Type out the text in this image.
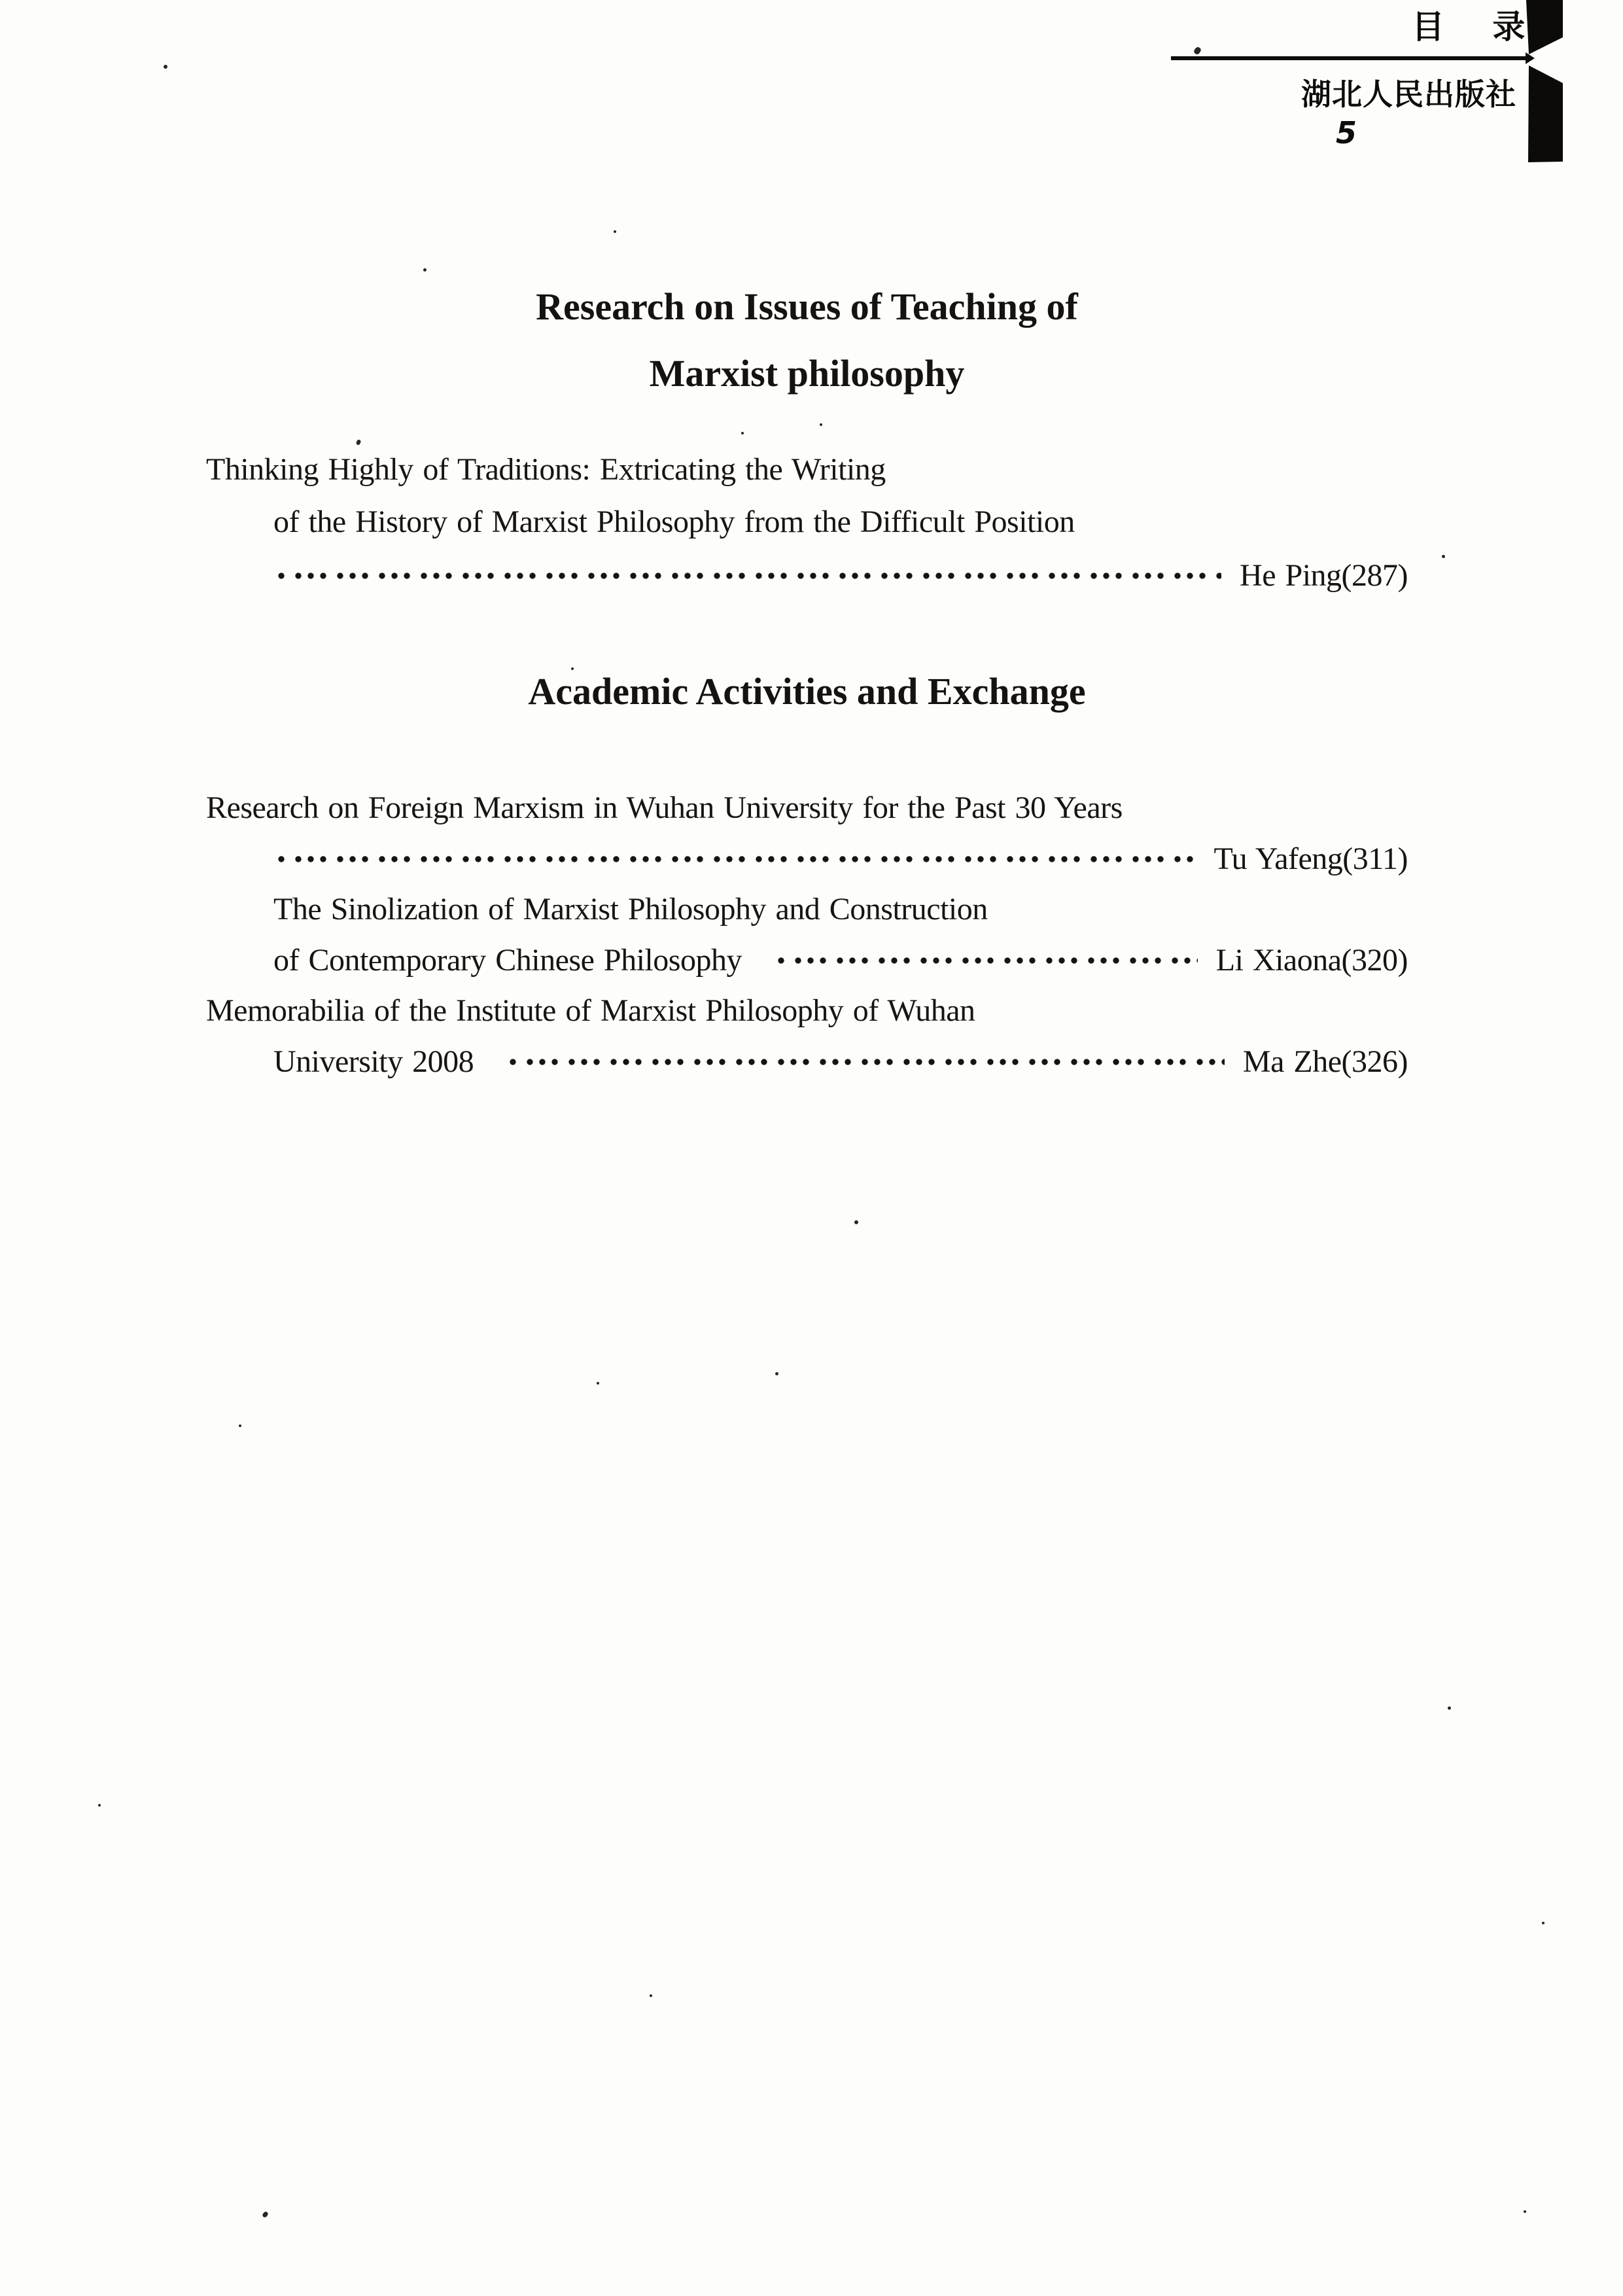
目 录
湖北人民出版社
5
Research on Issues of Teaching of
Marxist philosophy
Thinking Highly of Traditions: Extricating the Writing
of the History of Marxist Philosophy from the Difficult Position
He Ping(287)
Academic Activities and Exchange
Research on Foreign Marxism in Wuhan University for the Past 30 Years
Tu Yafeng(311)
The Sinolization of Marxist Philosophy and Construction
of Contemporary Chinese Philosophy	Li Xiaona(320)
Memorabilia of the Institute of Marxist Philosophy of Wuhan
University 2008	Ma Zhe(326)
